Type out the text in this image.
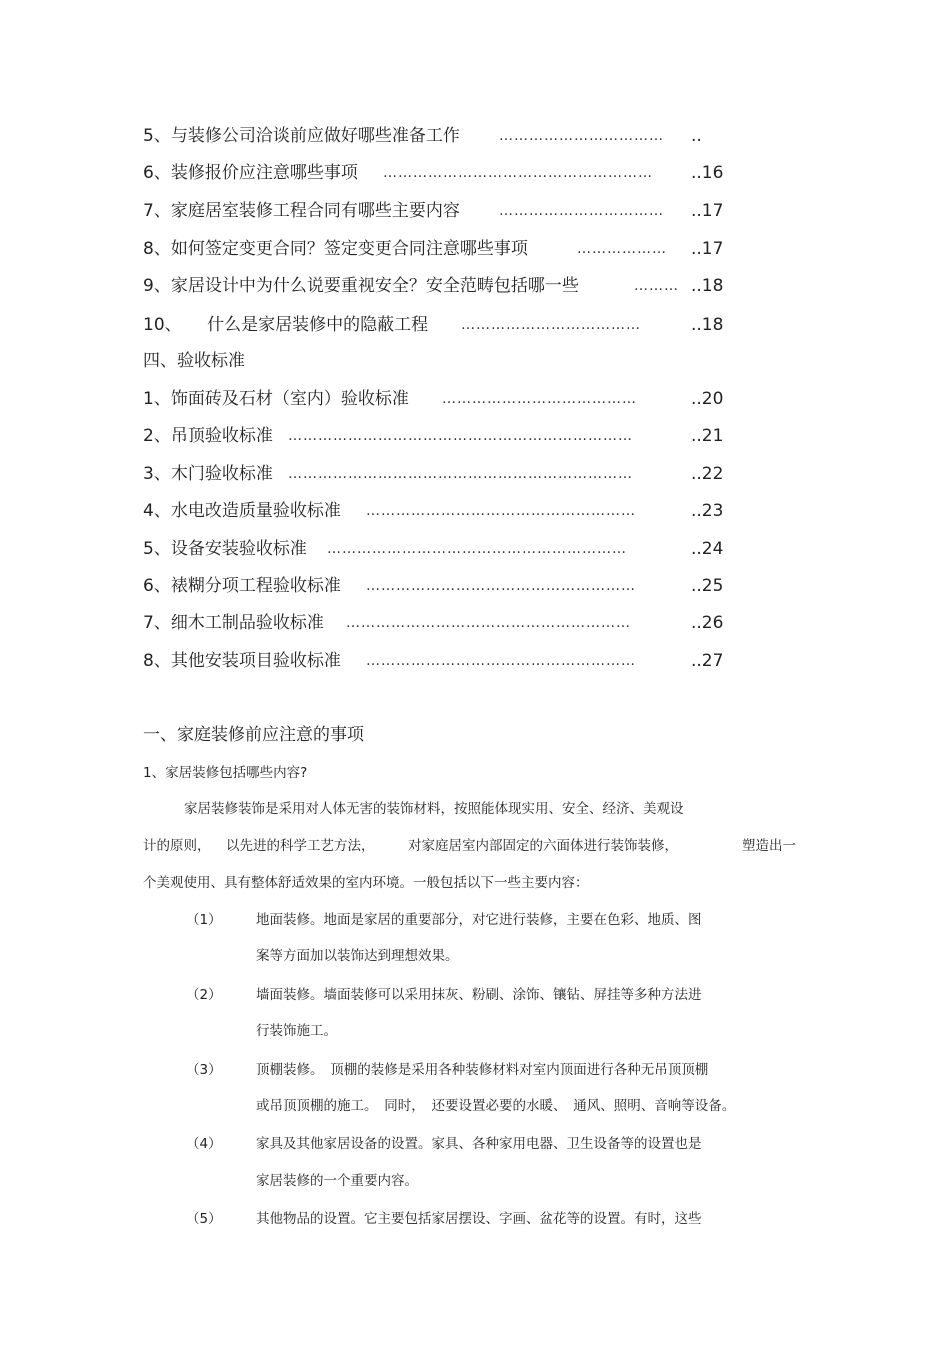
5、与装修公司洽谈前应做好哪些准备工作	…………………………… ..
6、装修报价应注意哪些事项 ……………………………………………… ..16
7、家庭居室装修工程合同有哪些主要内容	…………………………… ..17
8、如何签定变更合同？签定变更合同注意哪些事项	……………… ..17
9、家居设计中为什么说要重视安全？安全范畴包括哪一些	……… ..18
10、　　什么是家居装修中的隐蔽工程 ………………………………	..18
四、验收标准
1、饰面砖及石材（室内）验收标准 …………………………………	..20
2、吊顶验收标准 ……………………………………………………………	..21
3、木门验收标准 ……………………………………………………………	..22
4、水电改造质量验收标准 ………………………………………………	..23
5、设备安装验收标准 ……………………………………………………	..24
6、裱糊分项工程验收标准 ………………………………………………	..25
7、细木工制品验收标准 …………………………………………………	..26
8、其他安装项目验收标准 ………………………………………………	..27
一、家庭装修前应注意的事项
1、家居装修包括哪些内容?
家居装修装饰是采用对人体无害的装饰材料，按照能体现实用、安全、经济、美观设
计的原则， 以先进的科学工艺方法， 对家庭居室内部固定的六面体进行装饰装修，	塑造出一
个美观使用、具有整体舒适效果的室内环境。一般包括以下一些主要内容：
（1）	地面装修。地面是家居的重要部分，对它进行装修，主要在色彩、地质、图
案等方面加以装饰达到理想效果。
（2）	墙面装修。墙面装修可以采用抹灰、粉刷、涂饰、镶钻、屏挂等多种方法进
行装饰施工。
（3）	顶棚装修。　顶棚的装修是采用各种装修材料对室内顶面进行各种无吊顶顶棚
或吊顶顶棚的施工。　同时，　还要设置必要的水暖、　通风、照明、音响等设备。
（4）	家具及其他家居设备的设置。家具、各种家用电器、卫生设备等的设置也是
家居装修的一个重要内容。
（5）	其他物品的设置。它主要包括家居摆设、字画、盆花等的设置。有时，这些
